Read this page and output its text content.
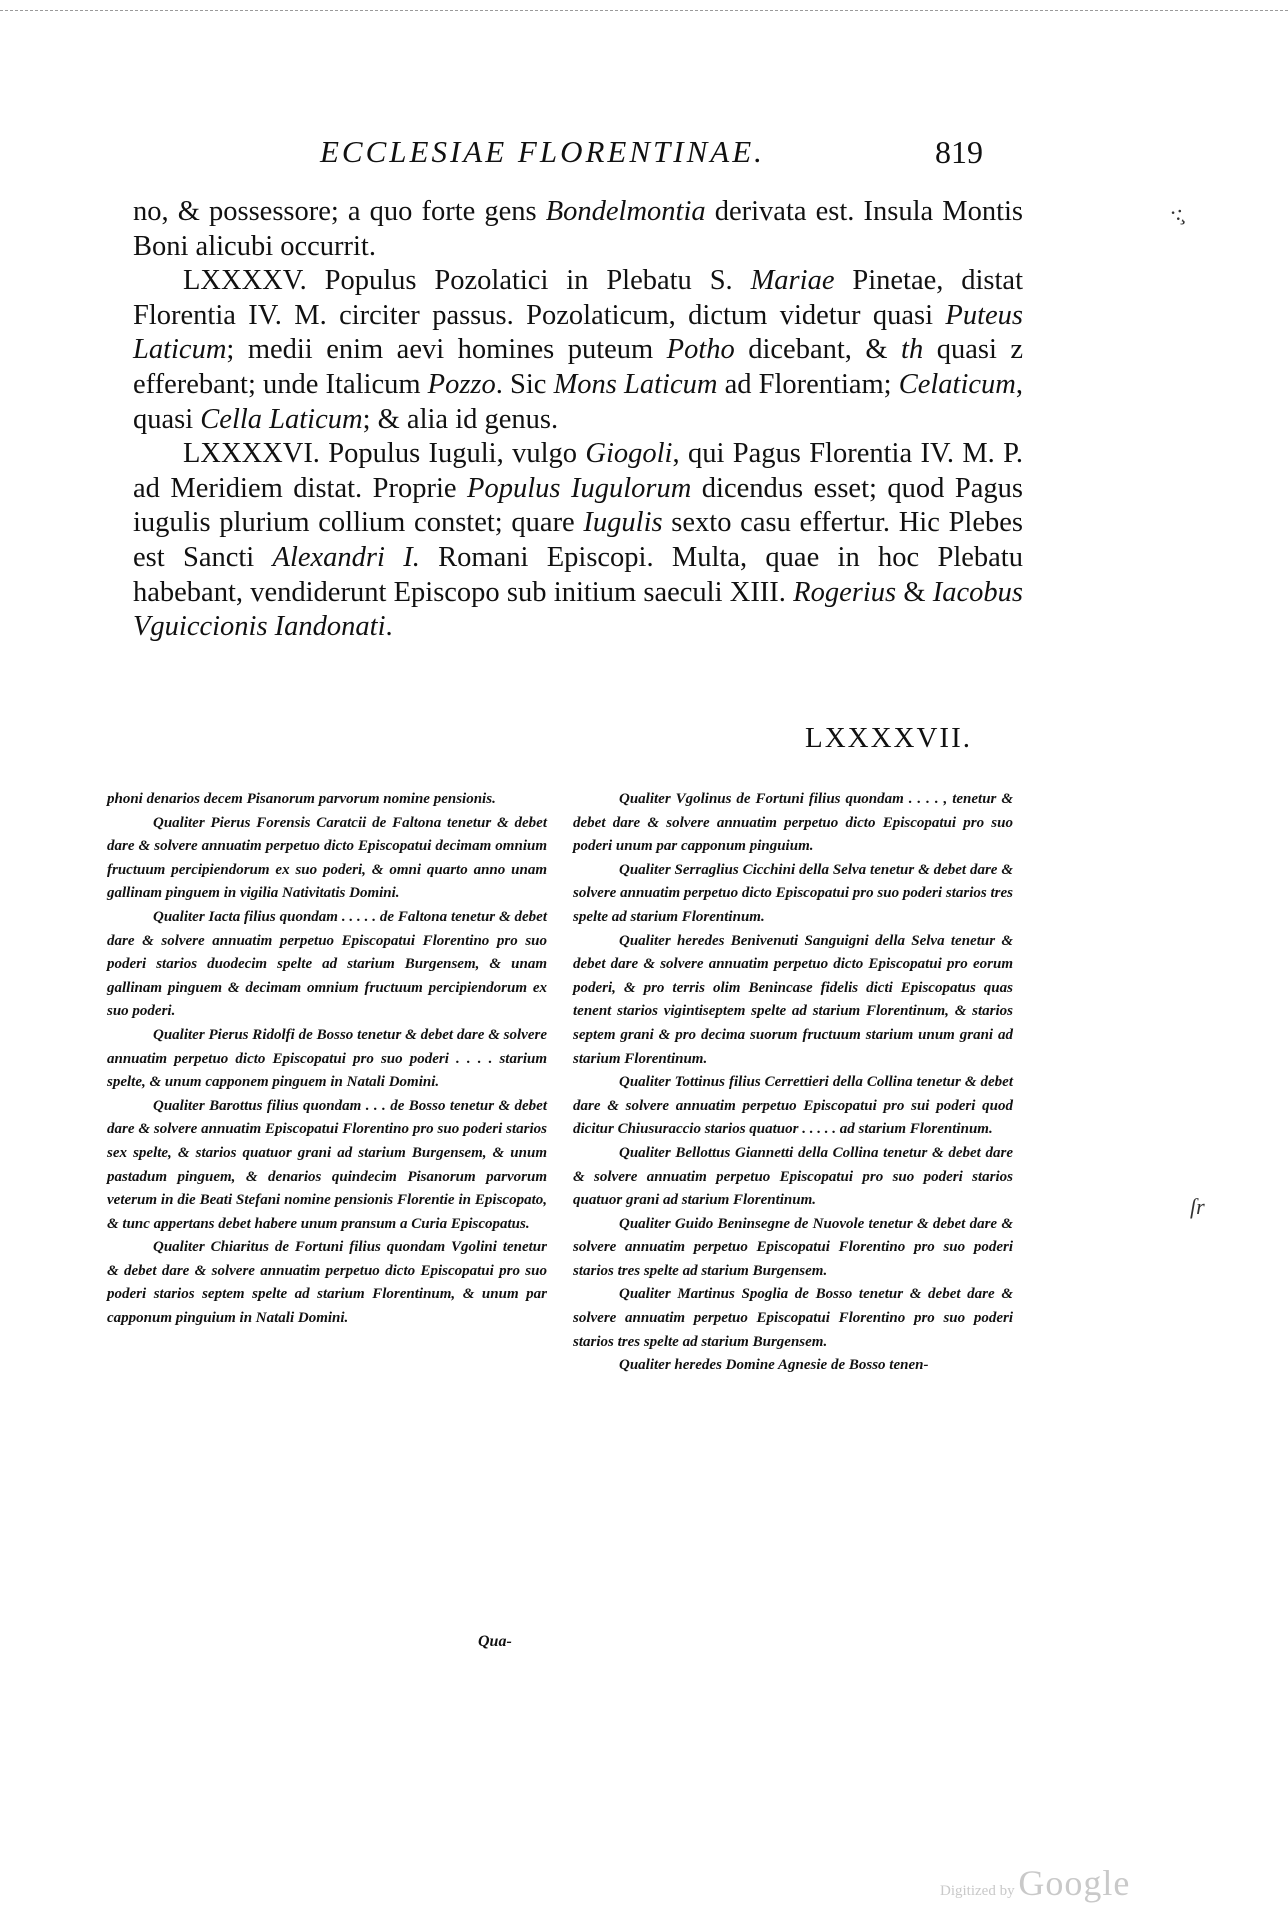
ECCLESIAE FLORENTINAE.	819

no, & possessore; a quo forte gens Bondelmontia derivata est. Insula Montis Boni alicubi occurrit.

LXXXXV. Populus Pozolatici in Plebatu S. Mariae Pinetae, distat Florentia IV. M. circiter passus. Pozolaticum, dictum videtur quasi Puteus Laticum; medii enim aevi homines puteum Potho dicebant, & th quasi z efferebant; unde Italicum Pozzo. Sic Mons Laticum ad Florentiam; Celaticum, quasi Cella Laticum; & alia id genus.

LXXXXVI. Populus Iuguli, vulgo Giogoli, qui Pagus Florentia IV. M. P. ad Meridiem distat. Proprie Populus Iugulorum dicendus esset; quod Pagus iugulis plurium collium constet; quare Iugulis sexto casu effertur. Hic Plebes est Sancti Alexandri I. Romani Episcopi. Multa, quae in hoc Plebatu habebant, vendiderunt Episcopo sub initium saeculi XIII. Rogerius & Iacobus Vguiccionis Iandonati.

LXXXXVII.

phoni denarios decem Pisanorum parvorum nomine pensionis.

Qualiter Pierus Forensis Caratcii de Faltona tenetur & debet dare & solvere annuatim perpetuo dicto Episcopatui decimam omnium fructuum percipiendorum ex suo poderi, & omni quarto anno unam gallinam pinguem in vigilia Nativitatis Domini.

Qualiter Iacta filius quondam . . . . . de Faltona tenetur & debet dare & solvere annuatim perpetuo Episcopatui Florentino pro suo poderi starios duodecim spelte ad starium Burgensem, & unam gallinam pinguem & decimam omnium fructuum percipiendorum ex suo poderi.

Qualiter Pierus Ridolfi de Bosso tenetur & debet dare & solvere annuatim perpetuo dicto Episcopatui pro suo poderi . . . . starium spelte, & unum capponem pinguem in Natali Domini.

Qualiter Barottus filius quondam . . . de Bosso tenetur & debet dare & solvere annuatim Episcopatui Florentino pro suo poderi starios sex spelte, & starios quatuor grani ad starium Burgensem, & unum pastadum pinguem, & denarios quindecim Pisanorum parvorum veterum in die Beati Stefani nomine pensionis Florentie in Episcopato, & tunc appertans debet habere unum pransum a Curia Episcopatus.

Qualiter Chiaritus de Fortuni filius quondam Vgolini tenetur & debet dare & solvere annuatim perpetuo dicto Episcopatui pro suo poderi starios septem spelte ad starium Florentinum, & unum par capponum pinguium in Natali Domini.

Qualiter Vgolinus de Fortuni filius quondam . . . . , tenetur & debet dare & solvere annuatim perpetuo dicto Episcopatui pro suo poderi unum par capponum pinguium.

Qualiter Serraglius Cicchini della Selva tenetur & debet dare & solvere annuatim perpetuo dicto Episcopatui pro suo poderi starios tres spelte ad starium Florentinum.

Qualiter heredes Benivenuti Sanguigni della Selva tenetur & debet dare & solvere annuatim perpetuo dicto Episcopatui pro eorum poderi, & pro terris olim Benincase fidelis dicti Episcopatus quas tenent starios vigintiseptem spelte ad starium Florentinum, & starios septem grani & pro decima suorum fructuum starium unum grani ad starium Florentinum.

Qualiter Tottinus filius Cerrettieri della Collina tenetur & debet dare & solvere annuatim perpetuo Episcopatui pro sui poderi quod dicitur Chiusuraccio starios quatuor . . . . . ad starium Florentinum.

Qualiter Bellottus Giannetti della Collina tenetur & debet dare & solvere annuatim perpetuo Episcopatui pro suo poderi starios quatuor grani ad starium Florentinum.

Qualiter Guido Beninsegne de Nuovole tenetur & debet dare & solvere annuatim perpetuo Episcopatui Florentino pro suo poderi starios tres spelte ad starium Burgensem.

Qualiter Martinus Spoglia de Bosso tenetur & debet dare & solvere annuatim perpetuo Episcopatui Florentino pro suo poderi starios tres spelte ad starium Burgensem.

Qualiter heredes Domine Agnesie de Bosso tenen-

Qua-
·:̧
ſr
Digitized by Google
